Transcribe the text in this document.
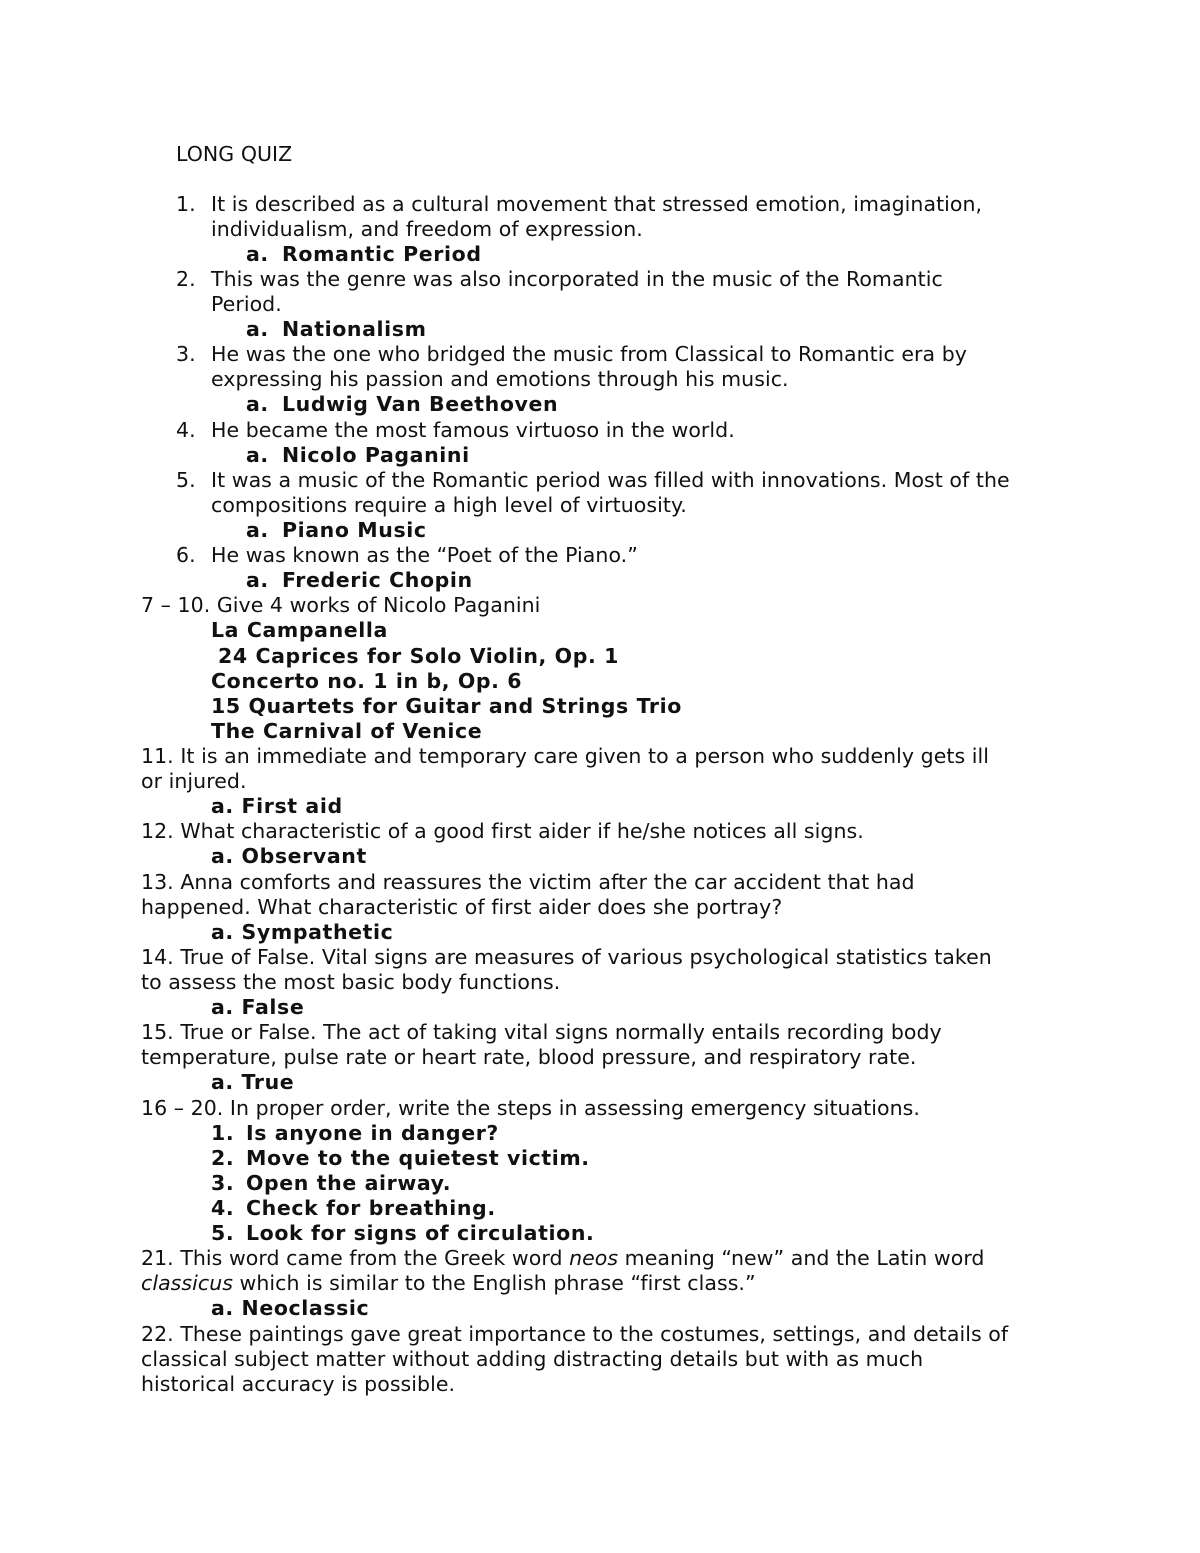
LONG QUIZ
1. It is described as a cultural movement that stressed emotion, imagination,
individualism, and freedom of expression.
a. Romantic Period
2. This was the genre was also incorporated in the music of the Romantic
Period.
a. Nationalism
3. He was the one who bridged the music from Classical to Romantic era by
expressing his passion and emotions through his music.
a. Ludwig Van Beethoven
4. He became the most famous virtuoso in the world.
a. Nicolo Paganini
5. It was a music of the Romantic period was filled with innovations. Most of the
compositions require a high level of virtuosity.
a. Piano Music
6. He was known as the “Poet of the Piano.”
a. Frederic Chopin
7 – 10. Give 4 works of Nicolo Paganini
La Campanella
24 Caprices for Solo Violin, Op. 1
Concerto no. 1 in b, Op. 6
15 Quartets for Guitar and Strings Trio
The Carnival of Venice
11. It is an immediate and temporary care given to a person who suddenly gets ill
or injured.
a. First aid
12. What characteristic of a good first aider if he/she notices all signs.
a. Observant
13. Anna comforts and reassures the victim after the car accident that had
happened. What characteristic of first aider does she portray?
a. Sympathetic
14. True of False. Vital signs are measures of various psychological statistics taken
to assess the most basic body functions.
a. False
15. True or False. The act of taking vital signs normally entails recording body
temperature, pulse rate or heart rate, blood pressure, and respiratory rate.
a. True
16 – 20. In proper order, write the steps in assessing emergency situations.
1. Is anyone in danger?
2. Move to the quietest victim.
3. Open the airway.
4. Check for breathing.
5. Look for signs of circulation.
21. This word came from the Greek word neos meaning “new” and the Latin word
classicus which is similar to the English phrase “first class.”
a. Neoclassic
22. These paintings gave great importance to the costumes, settings, and details of
classical subject matter without adding distracting details but with as much
historical accuracy is possible.
